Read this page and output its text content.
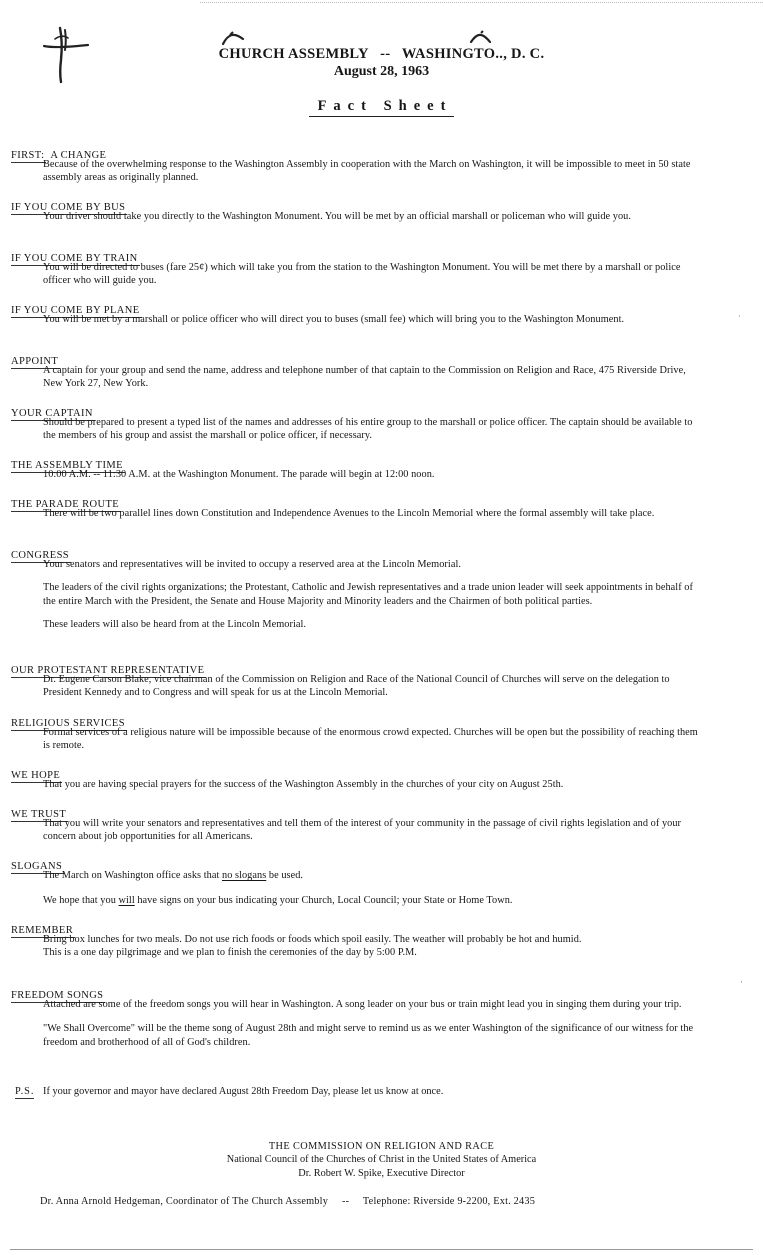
CHURCH ASSEMBLY -- WASHINGTO.., D. C.
August 28, 1963
Fact Sheet
FIRST: A CHANGE

Because of the overwhelming response to the Washington Assembly in cooperation with the March on Washington, it will be impossible to meet in 50 state assembly areas as originally planned.

IF YOU COME BY BUS

Your driver should take you directly to the Washington Monument. You will be met by an official marshall or policeman who will guide you.

IF YOU COME BY TRAIN

You will be directed to buses (fare 25¢) which will take you from the station to the Washington Monument. You will be met there by a marshall or police officer who will guide you.

IF YOU COME BY PLANE

You will be met by a marshall or police officer who will direct you to buses (small fee) which will bring you to the Washington Monument.

APPOINT

A captain for your group and send the name, address and telephone number of that captain to the Commission on Religion and Race, 475 Riverside Drive, New York 27, New York.

YOUR CAPTAIN

Should be prepared to present a typed list of the names and addresses of his entire group to the marshall or police officer. The captain should be available to the members of his group and assist the marshall or police officer, if necessary.

THE ASSEMBLY TIME

10:00 A.M. -- 11:30 A.M. at the Washington Monument. The parade will begin at 12:00 noon.

THE PARADE ROUTE

There will be two parallel lines down Constitution and Independence Avenues to the Lincoln Memorial where the formal assembly will take place.

CONGRESS

Your senators and representatives will be invited to occupy a reserved area at the Lincoln Memorial.

The leaders of the civil rights organizations; the Protestant, Catholic and Jewish representatives and a trade union leader will seek appointments in behalf of the entire March with the President, the Senate and House Majority and Minority leaders and the Chairmen of both political parties.

These leaders will also be heard from at the Lincoln Memorial.

OUR PROTESTANT REPRESENTATIVE

Dr. Eugene Carson Blake, vice chairman of the Commission on Religion and Race of the National Council of Churches will serve on the delegation to President Kennedy and to Congress and will speak for us at the Lincoln Memorial.

RELIGIOUS SERVICES

Formal services of a religious nature will be impossible because of the enormous crowd expected. Churches will be open but the possibility of reaching them is remote.

WE HOPE

That you are having special prayers for the success of the Washington Assembly in the churches of your city on August 25th.

WE TRUST

That you will write your senators and representatives and tell them of the interest of your community in the passage of civil rights legislation and of your concern about job opportunities for all Americans.

SLOGANS

The March on Washington office asks that no slogans be used.

We hope that you will have signs on your bus indicating your Church, Local Council; your State or Home Town.

REMEMBER

Bring box lunches for two meals. Do not use rich foods or foods which spoil easily. The weather will probably be hot and humid.

This is a one day pilgrimage and we plan to finish the ceremonies of the day by 5:00 P.M.

FREEDOM SONGS

Attached are some of the freedom songs you will hear in Washington. A song leader on your bus or train might lead you in singing them during your trip.

"We Shall Overcome" will be the theme song of August 28th and might serve to remind us as we enter Washington of the significance of our witness for the freedom and brotherhood of all of God's children.

P.S. If your governor and mayor have declared August 28th Freedom Day, please let us know at once.
THE COMMISSION ON RELIGION AND RACE
National Council of the Churches of Christ in the United States of America
Dr. Robert W. Spike, Executive Director
Dr. Anna Arnold Hedgeman, Coordinator of The Church Assembly -- Telephone: Riverside 9-2200, Ext. 2435
·
·
